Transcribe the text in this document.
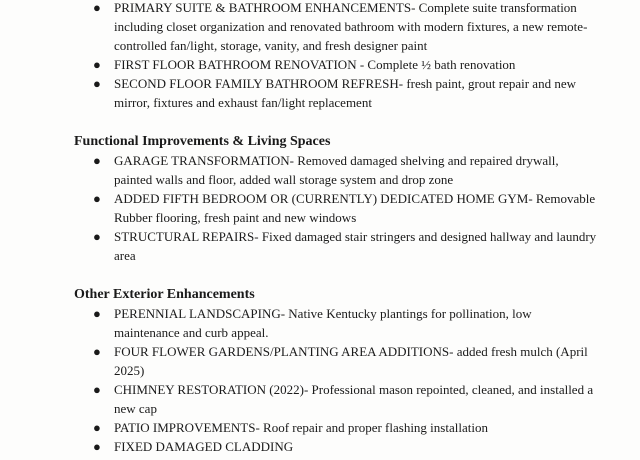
● PRIMARY SUITE & BATHROOM ENHANCEMENTS- Complete suite transformation including closet organization and renovated bathroom with modern fixtures, a new remote-controlled fan/light, storage, vanity, and fresh designer paint
● FIRST FLOOR BATHROOM RENOVATION - Complete ½ bath renovation
● SECOND FLOOR FAMILY BATHROOM REFRESH- fresh paint, grout repair and new mirror, fixtures and exhaust fan/light replacement
Functional Improvements & Living Spaces
● GARAGE TRANSFORMATION- Removed damaged shelving and repaired drywall, painted walls and floor, added wall storage system and drop zone
● ADDED FIFTH BEDROOM OR (CURRENTLY) DEDICATED HOME GYM- Removable Rubber flooring, fresh paint and new windows
● STRUCTURAL REPAIRS- Fixed damaged stair stringers and designed hallway and laundry area
Other Exterior Enhancements
● PERENNIAL LANDSCAPING- Native Kentucky plantings for pollination, low maintenance and curb appeal.
● FOUR FLOWER GARDENS/PLANTING AREA ADDITIONS- added fresh mulch (April 2025)
● CHIMNEY RESTORATION (2022)- Professional mason repointed, cleaned, and installed a new cap
● PATIO IMPROVEMENTS- Roof repair and proper flashing installation
● FIXED DAMAGED CLADDING
